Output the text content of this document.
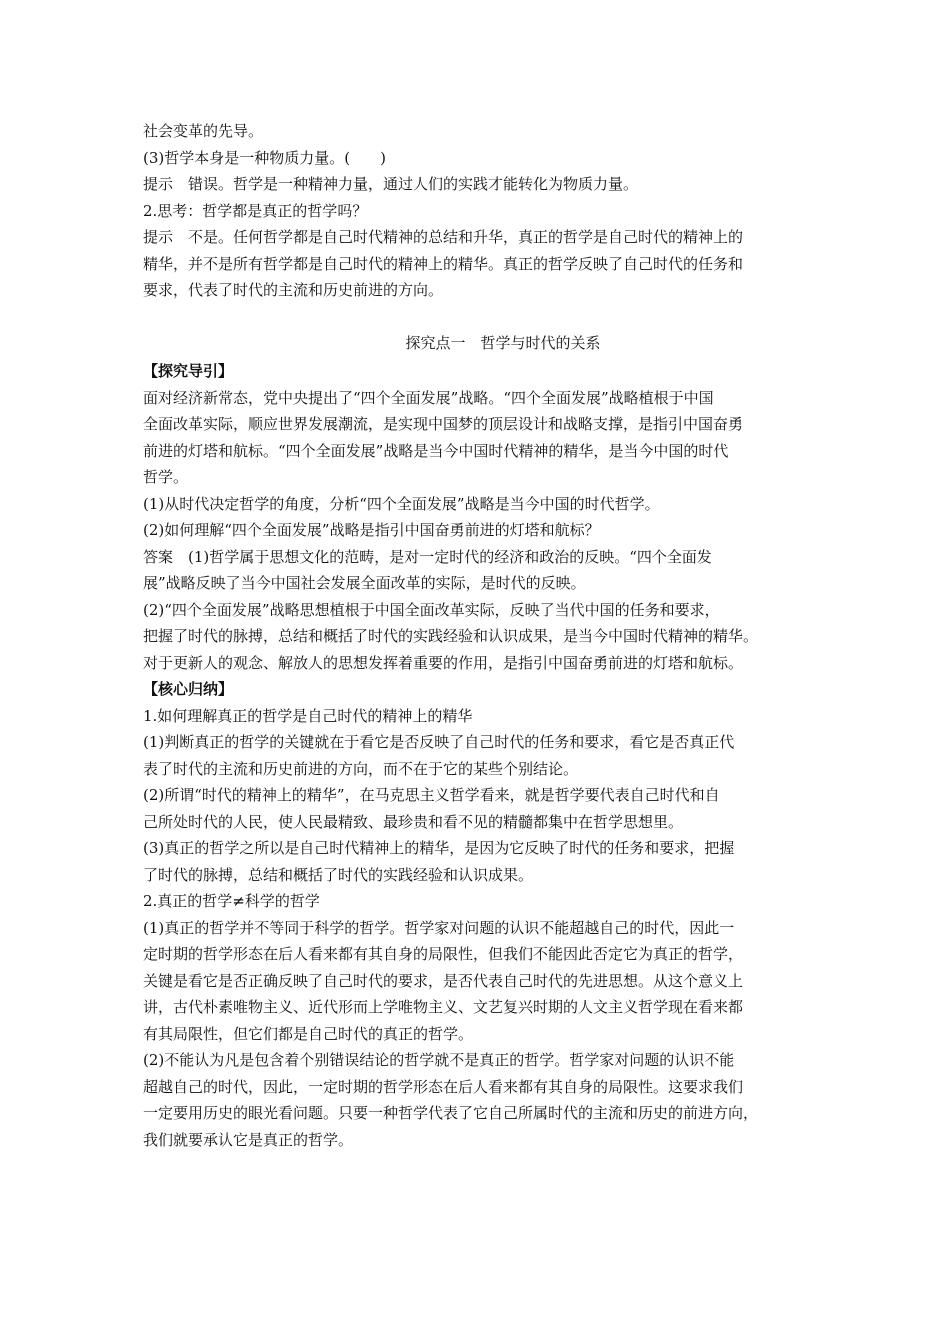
社会变革的先导。

(3)哲学本身是一种物质力量。(　　)

提示　错误。哲学是一种精神力量，通过人们的实践才能转化为物质力量。

2.思考：哲学都是真正的哲学吗？

提示　不是。任何哲学都是自己时代精神的总结和升华，真正的哲学是自己时代的精神上的

精华，并不是所有哲学都是自己时代的精神上的精华。真正的哲学反映了自己时代的任务和

要求，代表了时代的主流和历史前进的方向。

探究点一　哲学与时代的关系

【探究导引】

面对经济新常态，党中央提出了“四个全面发展”战略。“四个全面发展”战略植根于中国

全面改革实际，顺应世界发展潮流，是实现中国梦的顶层设计和战略支撑，是指引中国奋勇

前进的灯塔和航标。“四个全面发展”战略是当今中国时代精神的精华，是当今中国的时代

哲学。

(1)从时代决定哲学的角度，分析“四个全面发展”战略是当今中国的时代哲学。

(2)如何理解“四个全面发展”战略是指引中国奋勇前进的灯塔和航标？

答案　(1)哲学属于思想文化的范畴，是对一定时代的经济和政治的反映。“四个全面发

展”战略反映了当今中国社会发展全面改革的实际，是时代的反映。

(2)“四个全面发展”战略思想植根于中国全面改革实际，反映了当代中国的任务和要求，

把握了时代的脉搏，总结和概括了时代的实践经验和认识成果，是当今中国时代精神的精华。

对于更新人的观念、解放人的思想发挥着重要的作用，是指引中国奋勇前进的灯塔和航标。

【核心归纳】

1.如何理解真正的哲学是自己时代的精神上的精华

(1)判断真正的哲学的关键就在于看它是否反映了自己时代的任务和要求，看它是否真正代

表了时代的主流和历史前进的方向，而不在于它的某些个别结论。

(2)所谓“时代的精神上的精华”，在马克思主义哲学看来，就是哲学要代表自己时代和自

己所处时代的人民，使人民最精致、最珍贵和看不见的精髓都集中在哲学思想里。

(3)真正的哲学之所以是自己时代精神上的精华，是因为它反映了时代的任务和要求，把握

了时代的脉搏，总结和概括了时代的实践经验和认识成果。

2.真正的哲学≠科学的哲学

(1)真正的哲学并不等同于科学的哲学。哲学家对问题的认识不能超越自己的时代，因此一

定时期的哲学形态在后人看来都有其自身的局限性，但我们不能因此否定它为真正的哲学，

关键是看它是否正确反映了自己时代的要求，是否代表自己时代的先进思想。从这个意义上

讲，古代朴素唯物主义、近代形而上学唯物主义、文艺复兴时期的人文主义哲学现在看来都

有其局限性，但它们都是自己时代的真正的哲学。

(2)不能认为凡是包含着个别错误结论的哲学就不是真正的哲学。哲学家对问题的认识不能

超越自己的时代，因此，一定时期的哲学形态在后人看来都有其自身的局限性。这要求我们

一定要用历史的眼光看问题。只要一种哲学代表了它自己所属时代的主流和历史的前进方向，

我们就要承认它是真正的哲学。
